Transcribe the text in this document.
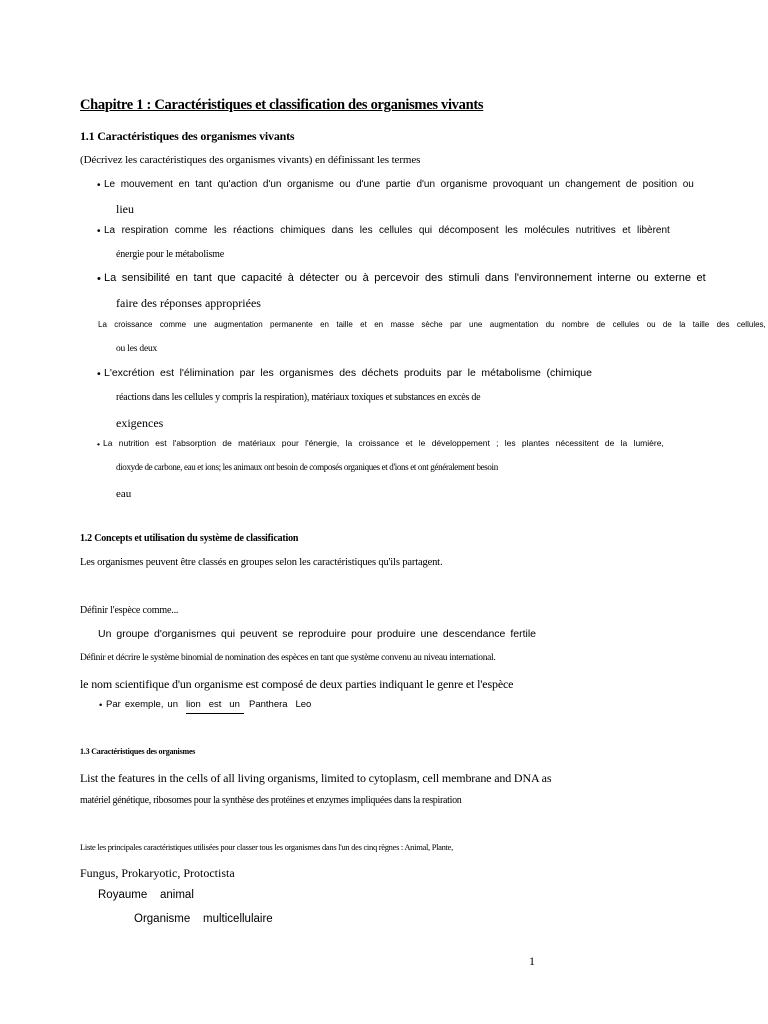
Chapitre 1 : Caractéristiques et classification des organismes vivants
1.1 Caractéristiques des organismes vivants
(Décrivez les caractéristiques des organismes vivants) en définissant les termes
• Le mouvement en tant qu'action d'un organisme ou d'une partie d'un organisme provoquant un changement de position ou
lieu
• La respiration comme les réactions chimiques dans les cellules qui décomposent les molécules nutritives et libèrent
énergie pour le métabolisme
• La sensibilité en tant que capacité à détecter ou à percevoir des stimuli dans l'environnement interne ou externe et
faire des réponses appropriées
La croissance comme une augmentation permanente en taille et en masse sèche par une augmentation du nombre de cellules ou de la taille des cellules,
ou les deux
• L'excrétion est l'élimination par les organismes des déchets produits par le métabolisme (chimique
réactions dans les cellules y compris la respiration), matériaux toxiques et substances en excès de
exigences
• La nutrition est l'absorption de matériaux pour l'énergie, la croissance et le développement ; les plantes nécessitent de la lumière,
dioxyde de carbone, eau et ions; les animaux ont besoin de composés organiques et d'ions et ont généralement besoin
eau
1.2 Concepts et utilisation du système de classification
Les organismes peuvent être classés en groupes selon les caractéristiques qu'ils partagent.
Définir l'espèce comme...
Un groupe d'organismes qui peuvent se reproduire pour produire une descendance fertile
Définir et décrire le système binomial de nomination des espèces en tant que système convenu au niveau international.
le nom scientifique d'un organisme est composé de deux parties indiquant le genre et l'espèce
• Par exemple, un lion   est   un Panthera   Leo
1.3 Caractéristiques des organismes
List the features in the cells of all living organisms, limited to cytoplasm, cell membrane and DNA as
matériel génétique, ribosomes pour la synthèse des protéines et enzymes impliquées dans la respiration
Liste les principales caractéristiques utilisées pour classer tous les organismes dans l'un des cinq règnes : Animal, Plante,
Fungus, Prokaryotic, Protoctista
Royaume    animal
Organisme    multicellulaire
1
